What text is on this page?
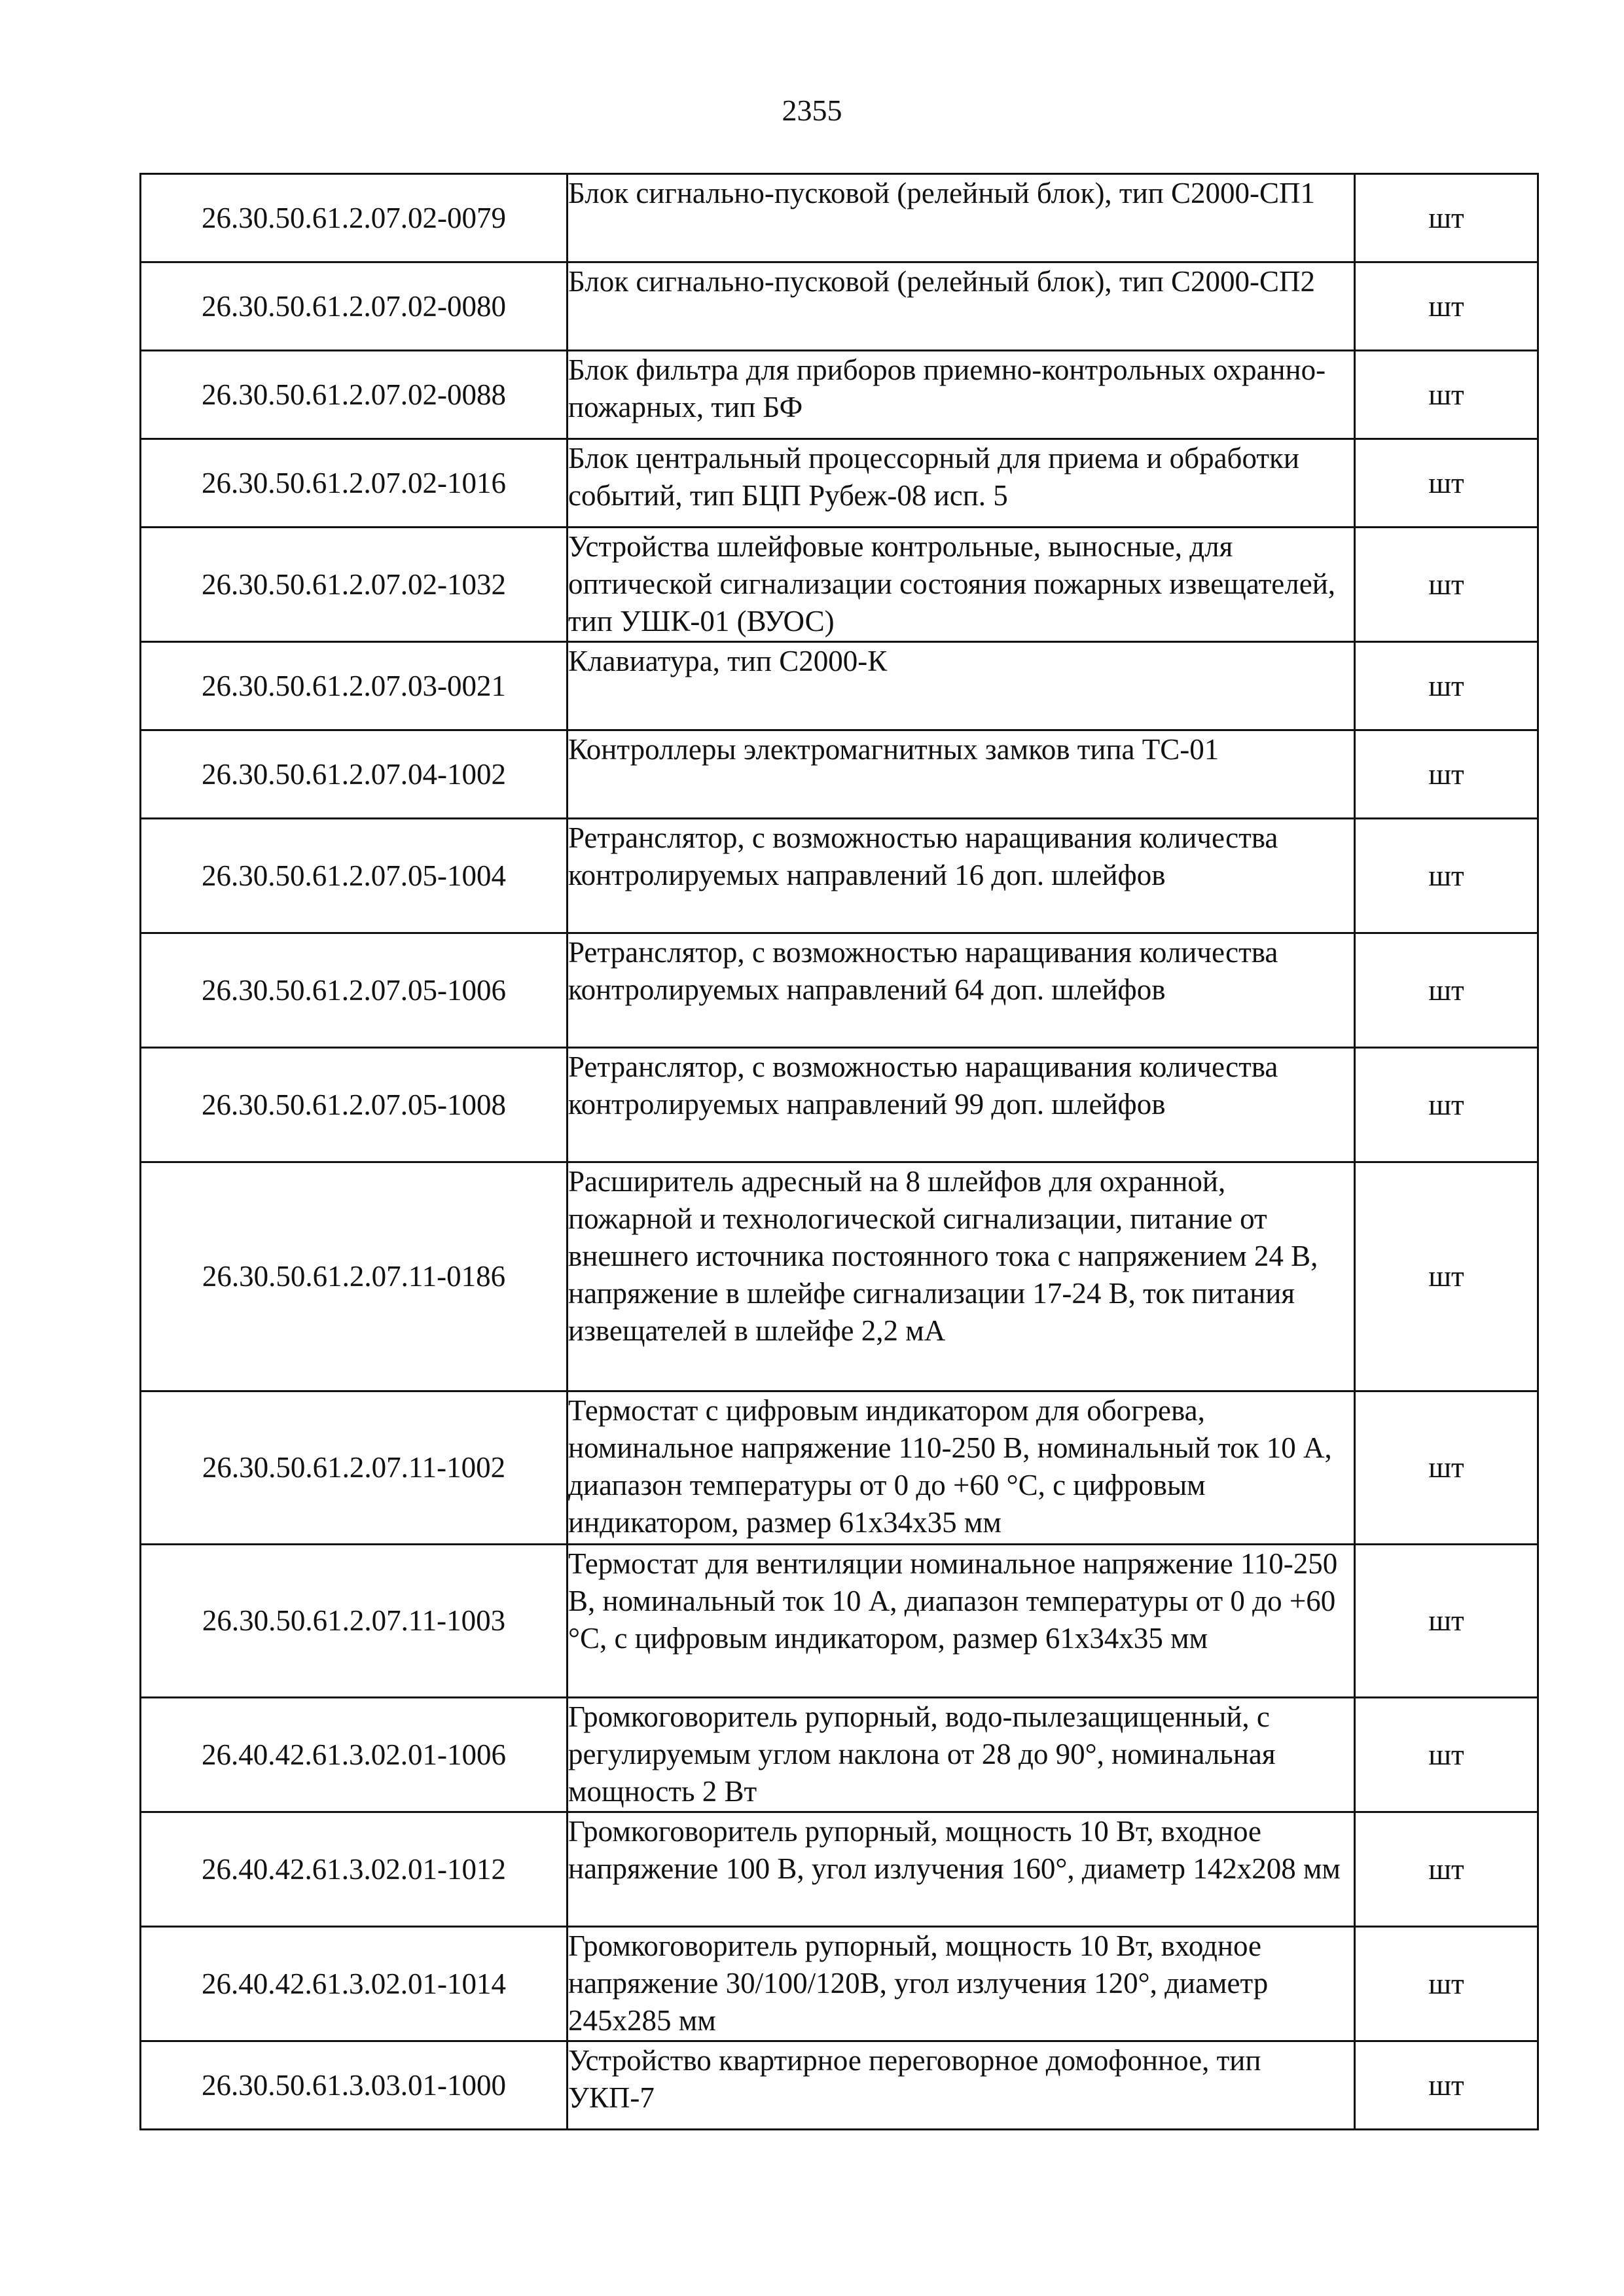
2355
26.30.50.61.2.07.02-0079	Блок сигнально-пусковой (релейный блок), тип С2000-СП1	шт
26.30.50.61.2.07.02-0080	Блок сигнально-пусковой (релейный блок), тип С2000-СП2	шт
26.30.50.61.2.07.02-0088	Блок фильтра для приборов приемно-контрольных охранно-пожарных, тип БФ	шт
26.30.50.61.2.07.02-1016	Блок центральный процессорный для приема и обработки событий, тип БЦП Рубеж-08 исп. 5	шт
26.30.50.61.2.07.02-1032	Устройства шлейфовые контрольные, выносные, для оптической сигнализации состояния пожарных извещателей, тип УШК-01 (ВУОС)	шт
26.30.50.61.2.07.03-0021	Клавиатура, тип С2000-К	шт
26.30.50.61.2.07.04-1002	Контроллеры электромагнитных замков типа ТС-01	шт
26.30.50.61.2.07.05-1004	Ретранслятор, с возможностью наращивания количества контролируемых направлений 16 доп. шлейфов	шт
26.30.50.61.2.07.05-1006	Ретранслятор, с возможностью наращивания количества контролируемых направлений 64 доп. шлейфов	шт
26.30.50.61.2.07.05-1008	Ретранслятор, с возможностью наращивания количества контролируемых направлений 99 доп. шлейфов	шт
26.30.50.61.2.07.11-0186	Расширитель адресный на 8 шлейфов для охранной, пожарной и технологической сигнализации, питание от внешнего источника постоянного тока с напряжением 24 В, напряжение в шлейфе сигнализации 17-24 В, ток питания извещателей в шлейфе 2,2 мА	шт
26.30.50.61.2.07.11-1002	Термостат с цифровым индикатором для обогрева, номинальное напряжение 110-250 В, номинальный ток 10 А, диапазон температуры от 0 до +60 °С, с цифровым индикатором, размер 61x34x35 мм	шт
26.30.50.61.2.07.11-1003	Термостат для вентиляции номинальное напряжение 110-250 В, номинальный ток 10 А, диапазон температуры от 0 до +60 °С, с цифровым индикатором, размер 61x34x35 мм	шт
26.40.42.61.3.02.01-1006	Громкоговоритель рупорный, водо-пылезащищенный, с регулируемым углом наклона от 28 до 90°, номинальная мощность 2 Вт	шт
26.40.42.61.3.02.01-1012	Громкоговоритель рупорный, мощность 10 Вт, входное напряжение 100 В, угол излучения 160°, диаметр 142x208 мм	шт
26.40.42.61.3.02.01-1014	Громкоговоритель рупорный, мощность 10 Вт, входное напряжение 30/100/120В, угол излучения 120°, диаметр 245x285 мм	шт
26.30.50.61.3.03.01-1000	Устройство квартирное переговорное домофонное, тип УКП-7	шт
